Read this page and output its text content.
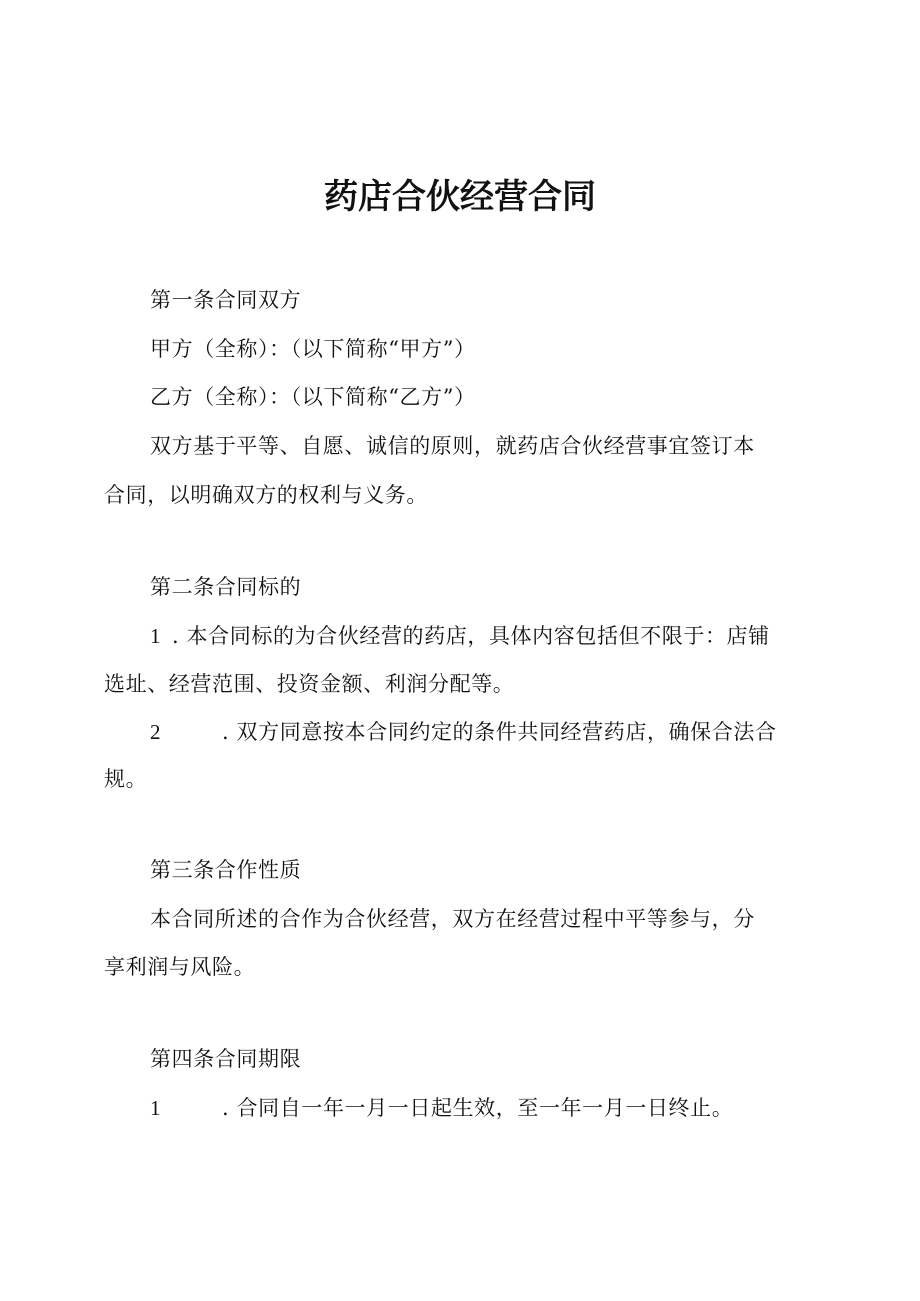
药店合伙经营合同
第一条合同双方
甲方（全称）：（以下简称“甲方”）
乙方（全称）：（以下简称“乙方”）
双方基于平等、自愿、诚信的原则，就药店合伙经营事宜签订本
合同，以明确双方的权利与义务。
第二条合同标的
1 . 本合同标的为合伙经营的药店，具体内容包括但不限于：店铺
选址、经营范围、投资金额、利润分配等。
2	. 双方同意按本合同约定的条件共同经营药店，确保合法合
规。
第三条合作性质
本合同所述的合作为合伙经营，双方在经营过程中平等参与，分
享利润与风险。
第四条合同期限
1	. 合同自一年一月一日起生效，至一年一月一日终止。
